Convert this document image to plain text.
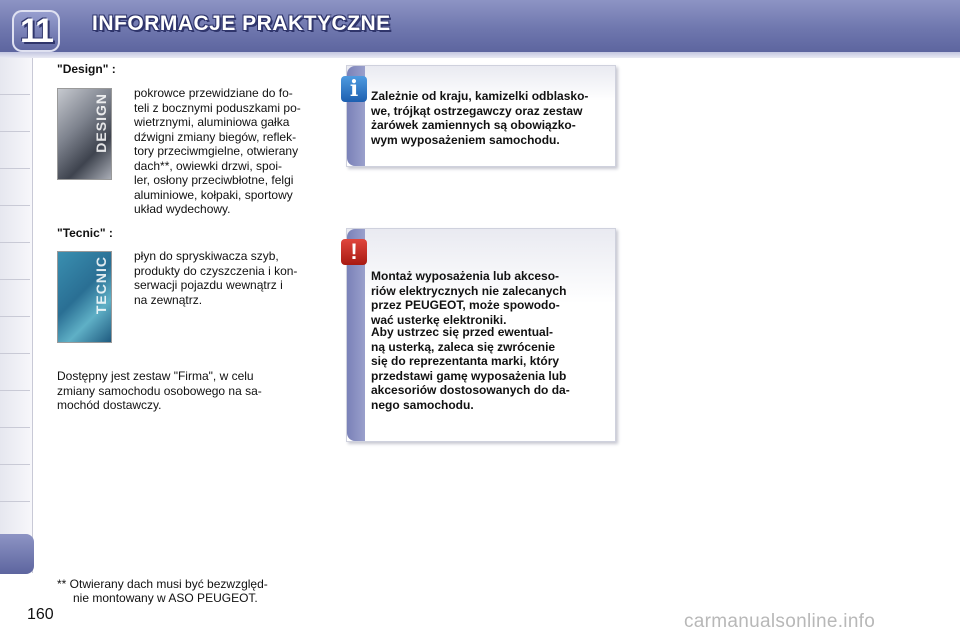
11	INFORMACJE PRAKTYCZNE
"Design" :
DESIGN pokrowce przewidziane do fo-
teli z bocznymi poduszkami po-
wietrznymi, aluminiowa gałka
dźwigni zmiany biegów, reflek-
tory przeciwmgielne, otwierany
dach**, owiewki drzwi, spoi-
ler, osłony przeciwbłotne, felgi
aluminiowe, kołpaki, sportowy
układ wydechowy.

"Tecnic" :
TECNIC płyn do spryskiwacza szyb,
produkty do czyszczenia i kon-
serwacji pojazdu wewnątrz i
na zewnątrz.

Dostępny jest zestaw "Firma", w celu
zmiany samochodu osobowego na sa-
mochód dostawczy.

i	Zależnie od kraju, kamizelki odblasko-
we, trójkąt ostrzegawczy oraz zestaw
żarówek zamiennych są obowiązko-
wym wyposażeniem samochodu.

!

Montaż wyposażenia lub akceso-
riów elektrycznych nie zalecanych
przez PEUGEOT, może spowodo-
wać usterkę elektroniki.

Aby ustrzec się przed ewentual-
ną usterką, zaleca się zwrócenie
się do reprezentanta marki, który
przedstawi gamę wyposażenia lub
akcesoriów dostosowanych do da-
nego samochodu.

** Otwierany dach musi być bezwzględ-
nie montowany w ASO PEUGEOT.

160	carmanualsonline.info
